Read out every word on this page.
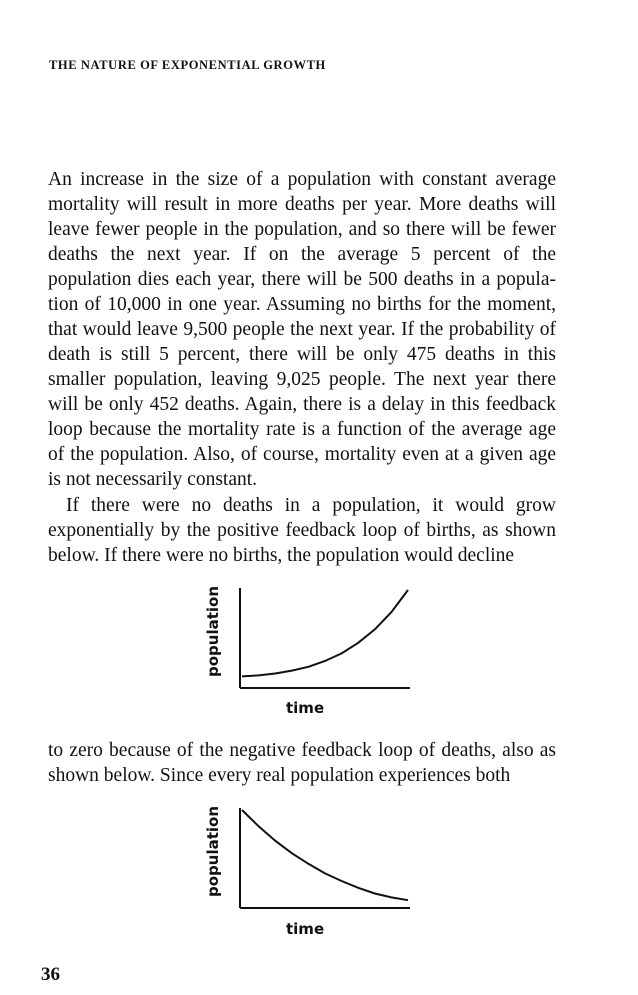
THE NATURE OF EXPONENTIAL GROWTH

An increase in the size of a population with constant average mortality will result in more deaths per year. More deaths will leave fewer people in the population, and so there will be fewer deaths the next year. If on the average 5 percent of the population dies each year, there will be 500 deaths in a population of 10,000 in one year. Assuming no births for the moment, that would leave 9,500 people the next year. If the probability of death is still 5 percent, there will be only 475 deaths in this smaller population, leaving 9,025 people. The next year there will be only 452 deaths. Again, there is a delay in this feedback loop because the mortality rate is a function of the average age of the population. Also, of course, mortality even at a given age is not necessarily constant.

If there were no deaths in a population, it would grow exponentially by the positive feedback loop of births, as shown below. If there were no births, the population would decline

population
time

to zero because of the negative feedback loop of deaths, also as shown below. Since every real population experiences both

population
time
36
